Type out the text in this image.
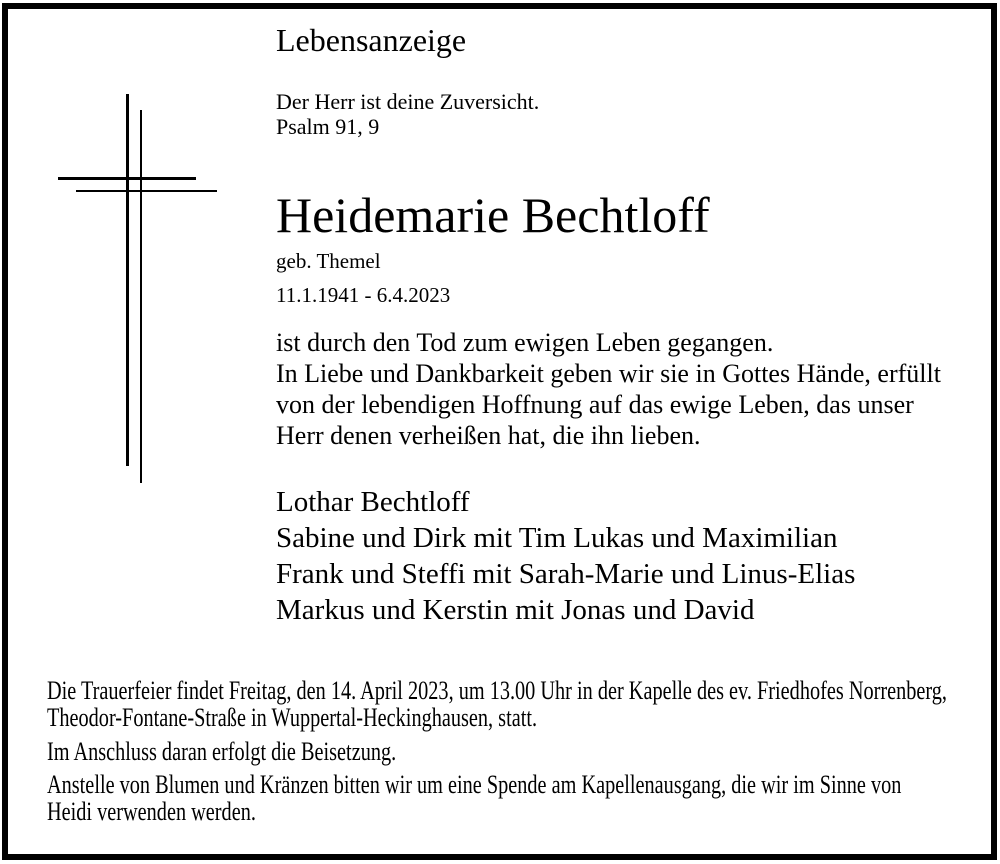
Lebensanzeige
Der Herr ist deine Zuversicht.
Psalm 91, 9
Heidemarie Bechtloff
geb. Themel
11.1.1941 - 6.4.2023
ist durch den Tod zum ewigen Leben gegangen.
In Liebe und Dankbarkeit geben wir sie in Gottes Hände, erfüllt
von der lebendigen Hoffnung auf das ewige Leben, das unser
Herr denen verheißen hat, die ihn lieben.
Lothar Bechtloff
Sabine und Dirk mit Tim Lukas und Maximilian
Frank und Steffi mit Sarah-Marie und Linus-Elias
Markus und Kerstin mit Jonas und David
Die Trauerfeier findet Freitag, den 14. April 2023, um 13.00 Uhr in der Kapelle des ev. Friedhofes Norrenberg,
Theodor-Fontane-Straße in Wuppertal-Heckinghausen, statt.
Im Anschluss daran erfolgt die Beisetzung.
Anstelle von Blumen und Kränzen bitten wir um eine Spende am Kapellenausgang, die wir im Sinne von
Heidi verwenden werden.
